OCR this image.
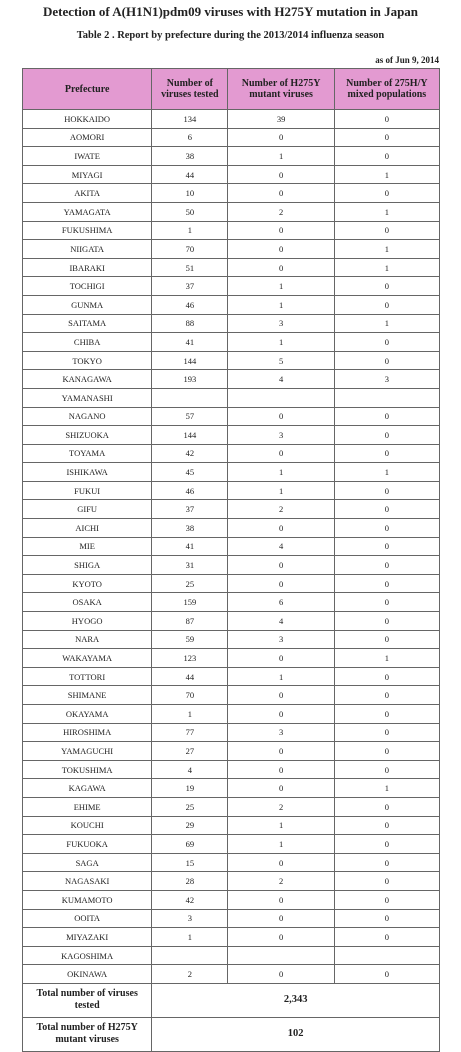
Detection of A(H1N1)pdm09 viruses with H275Y mutation in Japan
Table 2 . Report by prefecture during the 2013/2014 influenza season
as of Jun 9, 2014
Prefecture	Number of viruses tested	Number of H275Y mutant viruses	Number of 275H/Y mixed populations
HOKKAIDO	134	39	0
AOMORI	6	0	0
IWATE	38	1	0
MIYAGI	44	0	1
AKITA	10	0	0
YAMAGATA	50	2	1
FUKUSHIMA	1	0	0
NIIGATA	70	0	1
IBARAKI	51	0	1
TOCHIGI	37	1	0
GUNMA	46	1	0
SAITAMA	88	3	1
CHIBA	41	1	0
TOKYO	144	5	0
KANAGAWA	193	4	3
YAMANASHI			
NAGANO	57	0	0
SHIZUOKA	144	3	0
TOYAMA	42	0	0
ISHIKAWA	45	1	1
FUKUI	46	1	0
GIFU	37	2	0
AICHI	38	0	0
MIE	41	4	0
SHIGA	31	0	0
KYOTO	25	0	0
OSAKA	159	6	0
HYOGO	87	4	0
NARA	59	3	0
WAKAYAMA	123	0	1
TOTTORI	44	1	0
SHIMANE	70	0	0
OKAYAMA	1	0	0
HIROSHIMA	77	3	0
YAMAGUCHI	27	0	0
TOKUSHIMA	4	0	0
KAGAWA	19	0	1
EHIME	25	2	0
KOUCHI	29	1	0
FUKUOKA	69	1	0
SAGA	15	0	0
NAGASAKI	28	2	0
KUMAMOTO	42	0	0
OOITA	3	0	0
MIYAZAKI	1	0	0
KAGOSHIMA			
OKINAWA	2	0	0
Total number of viruses tested	2,343		
Total number of H275Y mutant viruses	102		
